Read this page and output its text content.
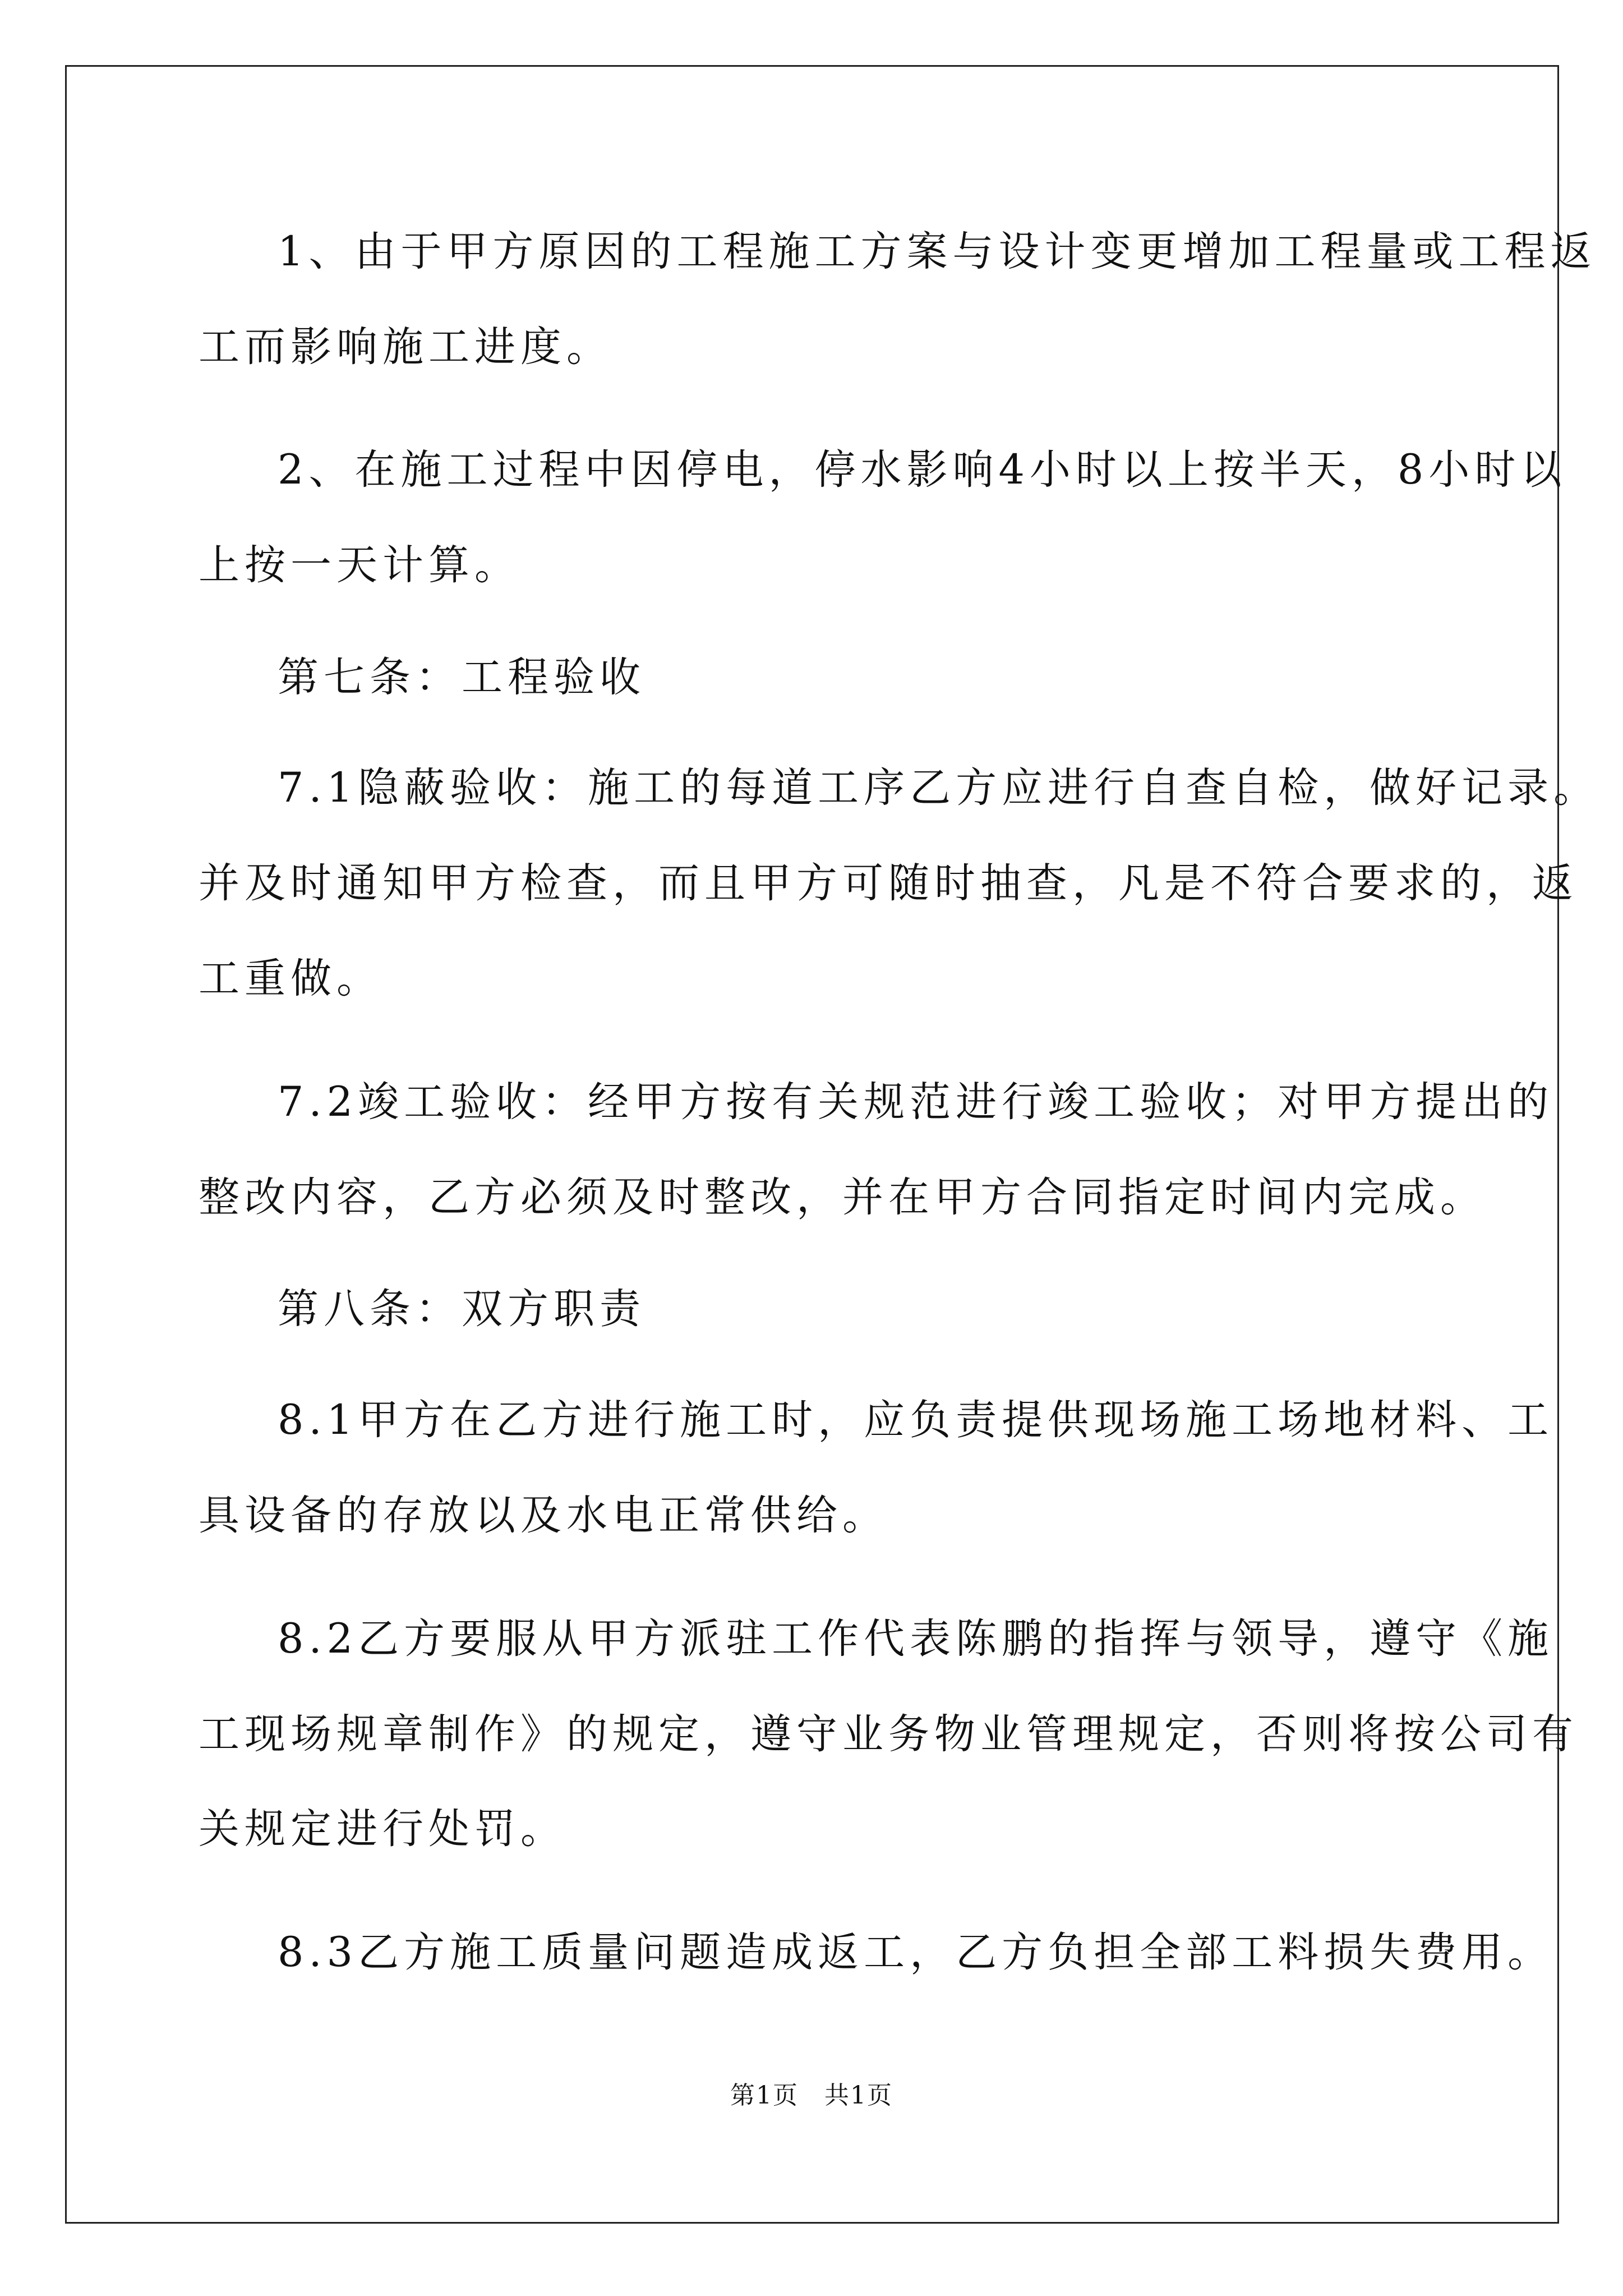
1、由于甲方原因的工程施工方案与设计变更增加工程量或工程返
工而影响施工进度。
2、在施工过程中因停电，停水影响4小时以上按半天，8小时以
上按一天计算。
第七条：工程验收
7.1隐蔽验收：施工的每道工序乙方应进行自查自检，做好记录。
并及时通知甲方检查，而且甲方可随时抽查，凡是不符合要求的，返
工重做。
7.2竣工验收：经甲方按有关规范进行竣工验收；对甲方提出的
整改内容，乙方必须及时整改，并在甲方合同指定时间内完成。
第八条：双方职责
8.1甲方在乙方进行施工时，应负责提供现场施工场地材料、工
具设备的存放以及水电正常供给。
8.2乙方要服从甲方派驻工作代表陈鹏的指挥与领导，遵守《施
工现场规章制作》的规定，遵守业务物业管理规定，否则将按公司有
关规定进行处罚。
8.3乙方施工质量问题造成返工，乙方负担全部工料损失费用。
第1页　共1页
